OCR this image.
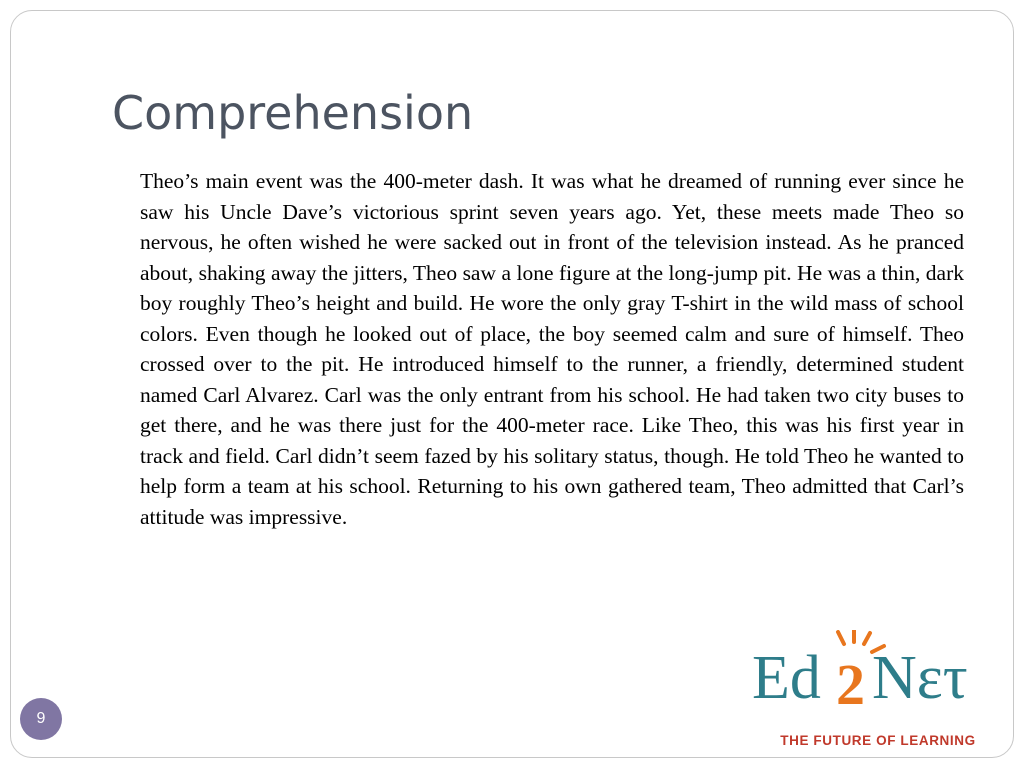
Comprehension
Theo’s main event was the 400-meter dash. It was what he dreamed of running ever since he saw his Uncle Dave’s victorious sprint seven years ago. Yet, these meets made Theo so nervous, he often wished he were sacked out in front of the television instead. As he pranced about, shaking away the jitters, Theo saw a lone figure at the long-jump pit. He was a thin, dark boy roughly Theo’s height and build. He wore the only gray T-shirt in the wild mass of school colors. Even though he looked out of place, the boy seemed calm and sure of himself. Theo crossed over to the pit. He introduced himself to the runner, a friendly, determined student named Carl Alvarez. Carl was the only entrant from his school. He had taken two city buses to get there, and he was there just for the 400-meter race. Like Theo, this was his first year in track and field. Carl didn’t seem fazed by his solitary status, though. He told Theo he wanted to help form a team at his school. Returning to his own gathered team, Theo admitted that Carl’s attitude was impressive.
9
Ed 2 Nετ
THE FUTURE OF LEARNING
